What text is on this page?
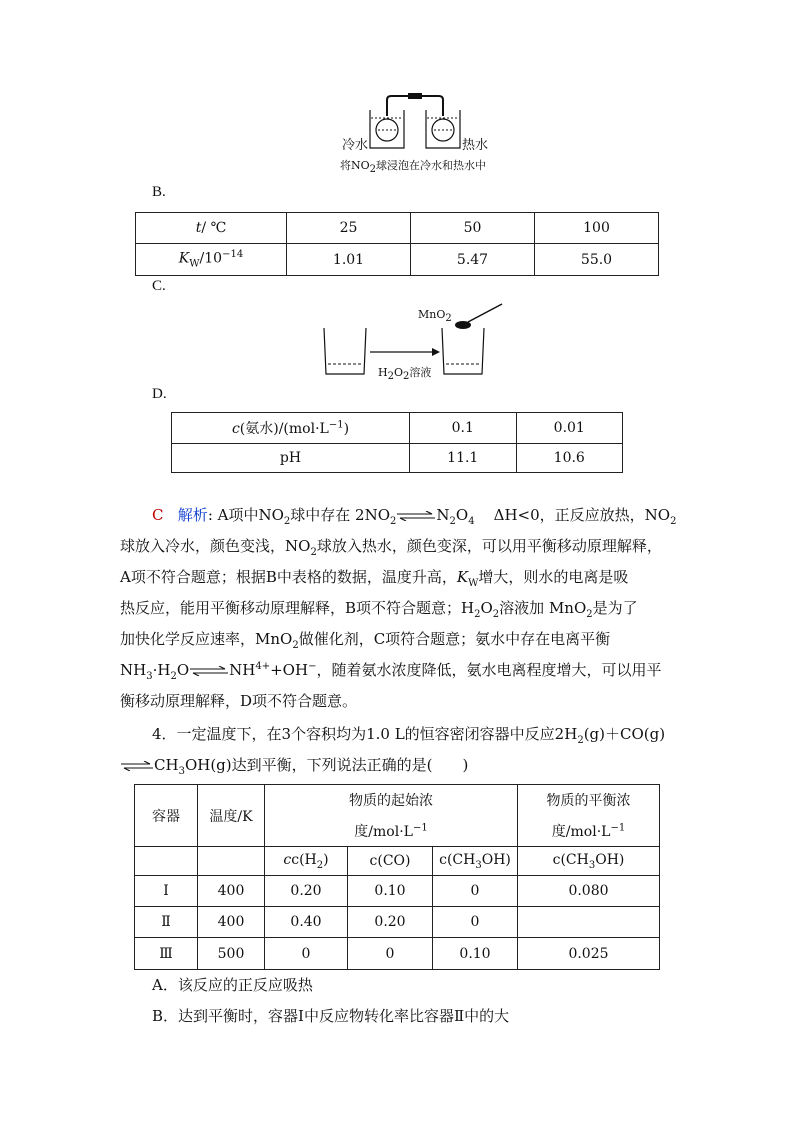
冷水	热水
将$NO_2$球浸泡在冷水和热水中
B.
t/ ℃	25	50	100
$K_W/10^{-14}$	1.01	5.47	55.0
C.
MnO$_2$
$H_2O_2$溶液
D.
c(氨水)$/(mol\cdot L^{-1})$	0.1	0.01
pH	11.1	10.6
C 解析: A项中$NO_2$球中存在 $2NO_2\rightleftharpoons N_2O_4$ ΔH<0，正反应放热，$NO_2$
球放入冷水，颜色变浅，$NO_2$球放入热水，颜色变深，可以用平衡移动原理解释，
A项不符合题意；根据B中表格的数据，温度升高，$K_W$增大，则水的电离是吸
热反应，能用平衡移动原理解释，B项不符合题意；$H_2O_2$溶液加 MnO$_2$是为了
加快化学反应速率，MnO$_2$做催化剂，C项符合题意；氨水中存在电离平衡
$NH_3\cdot H_2O\rightleftharpoons NH^{4+}+OH^-$，随着氨水浓度降低，氨水电离程度增大，可以用平
衡移动原理解释，D项不符合题意。
4．一定温度下，在3个容积均为1.0 L的恒容密闭容器中反应$2H_2(g)+CO(g)$
$\rightleftharpoons CH_3OH(g)$达到平衡，下列说法正确的是(　　)
容器	温度/K	物质的起始浓			物质的平衡浓
		度$/mol\cdot L^{-1}$			度$/mol\cdot L^{-1}$
		$cc(H_2)$	c(CO)	$c(CH_3OH)$	$c(CH_3OH)$
Ⅰ	400	0.20	0.10	0	0.080
Ⅱ	400	0.40	0.20	0	
Ⅲ	500	0	0	0.10	0.025
A．该反应的正反应吸热
B．达到平衡时，容器Ⅰ中反应物转化率比容器Ⅱ中的大
